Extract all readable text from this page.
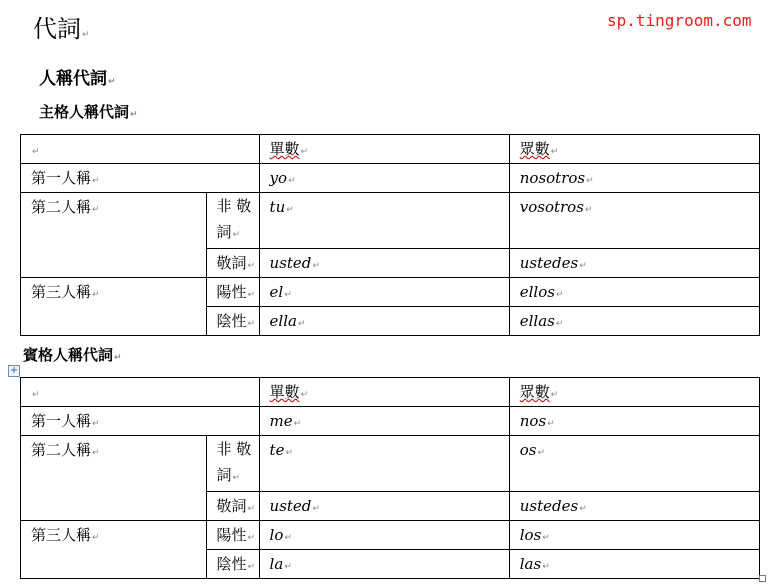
代詞↵
sp.tingroom.com
人稱代詞↵
主格人稱代詞↵
↵		單數↵	眾數↵
第一人稱↵		yo↵	nosotros↵
第二人稱↵	非 敬 詞↵	tu↵	vosotros↵
	敬詞↵	usted↵	ustedes↵
第三人稱↵	陽性↵	el↵	ellos↵
	陰性↵	ella↵	ellas↵
賓格人稱代詞↵
+
↵		單數↵	眾數↵
第一人稱↵		me↵	nos↵
第二人稱↵	非 敬 詞↵	te↵	os↵
	敬詞↵	usted↵	ustedes↵
第三人稱↵	陽性↵	lo↵	los↵
	陰性↵	la↵	las↵
